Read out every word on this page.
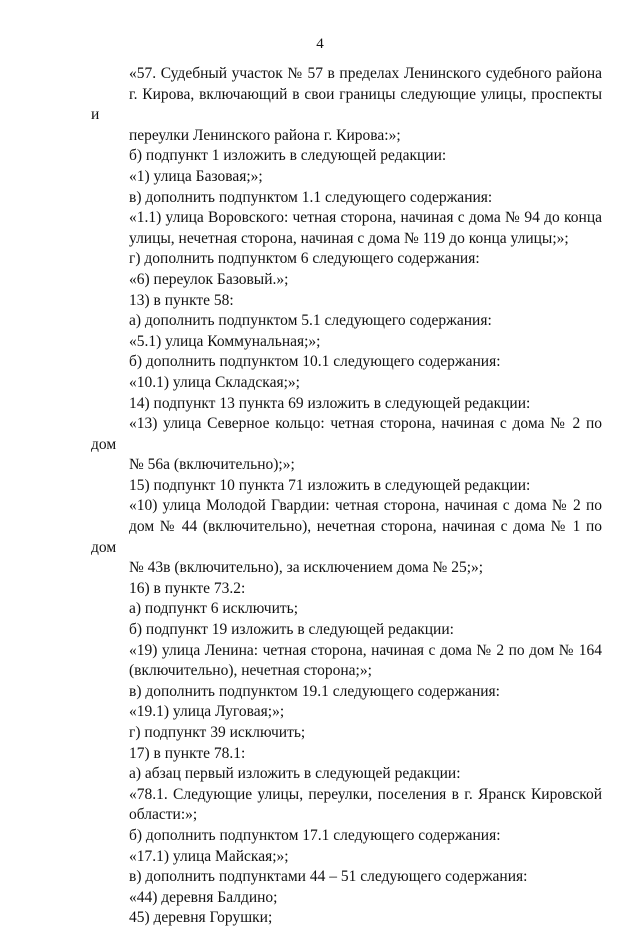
4

«57. Судебный участок № 57 в пределах Ленинского судебного района
г. Кирова, включающий в свои границы следующие улицы, проспекты и
переулки Ленинского района г. Кирова:»;

б) подпункт 1 изложить в следующей редакции:

«1) улица Базовая;»;

в) дополнить подпунктом 1.1 следующего содержания:

«1.1) улица Воровского: четная сторона, начиная с дома № 94 до конца
улицы, нечетная сторона, начиная с дома № 119 до конца улицы;»;

г) дополнить подпунктом 6 следующего содержания:

«6) переулок Базовый.»;

13) в пункте 58:

а) дополнить подпунктом 5.1 следующего содержания:

«5.1) улица Коммунальная;»;

б) дополнить подпунктом 10.1 следующего содержания:

«10.1) улица Складская;»;

14) подпункт 13 пункта 69 изложить в следующей редакции:

«13) улица Северное кольцо: четная сторона, начиная с дома № 2 по дом
№ 56а (включительно);»;

15) подпункт 10 пункта 71 изложить в следующей редакции:

«10) улица Молодой Гвардии: четная сторона, начиная с дома № 2 по
дом № 44 (включительно), нечетная сторона, начиная с дома № 1 по дом
№ 43в (включительно), за исключением дома № 25;»;

16) в пункте 73.2:

а) подпункт 6 исключить;

б) подпункт 19 изложить в следующей редакции:

«19) улица Ленина: четная сторона, начиная с дома № 2 по дом № 164
(включительно), нечетная сторона;»;

в) дополнить подпунктом 19.1 следующего содержания:

«19.1) улица Луговая;»;

г) подпункт 39 исключить;

17) в пункте 78.1:

а) абзац первый изложить в следующей редакции:

«78.1. Следующие улицы, переулки, поселения в г. Яранск Кировской
области:»;

б) дополнить подпунктом 17.1 следующего содержания:

«17.1) улица Майская;»;

в) дополнить подпунктами 44 – 51 следующего содержания:

«44) деревня Балдино;

45) деревня Горушки;
